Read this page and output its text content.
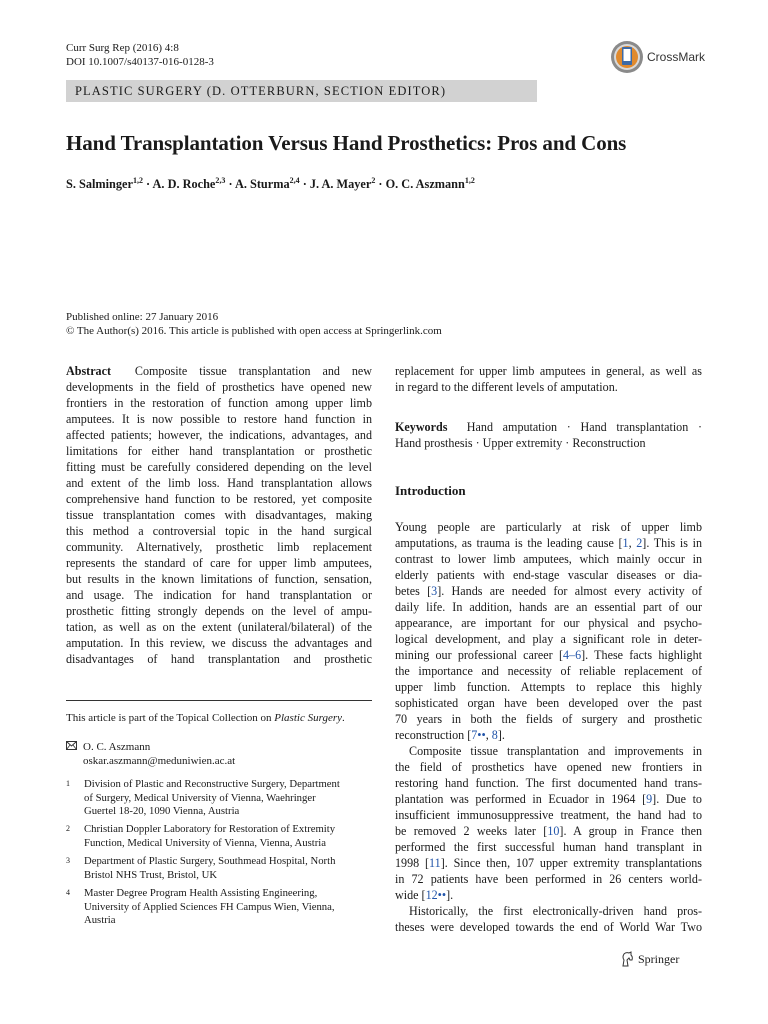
Curr Surg Rep (2016) 4:8
DOI 10.1007/s40137-016-0128-3	CrossMark
PLASTIC SURGERY (D. OTTERBURN, SECTION EDITOR)
Hand Transplantation Versus Hand Prosthetics: Pros and Cons
S. Salminger$^{1,2}$ · A. D. Roche$^{2,3}$ · A. Sturma$^{2,4}$ · J. A. Mayer$^2$ · O. C. Aszmann$^{1,2}$
Published online: 27 January 2016
© The Author(s) 2016. This article is published with open access at Springerlink.com
Abstract Composite tissue transplantation and new
developments in the field of prosthetics have opened new
frontiers in the restoration of function among upper limb
amputees. It is now possible to restore hand function in
affected patients; however, the indications, advantages, and
limitations for either hand transplantation or prosthetic
fitting must be carefully considered depending on the level
and extent of the limb loss. Hand transplantation allows
comprehensive hand function to be restored, yet composite
tissue transplantation comes with disadvantages, making
this method a controversial topic in the hand surgical
community. Alternatively, prosthetic limb replacement
represents the standard of care for upper limb amputees,
but results in the known limitations of function, sensation,
and usage. The indication for hand transplantation or
prosthetic fitting strongly depends on the level of ampu-
tation, as well as on the extent (unilateral/bilateral) of the
amputation. In this review, we discuss the advantages and
disadvantages of hand transplantation and prosthetic
replacement for upper limb amputees in general, as well as
in regard to the different levels of amputation.
Keywords Hand amputation · Hand transplantation ·
Hand prosthesis · Upper extremity · Reconstruction
Introduction
Young people are particularly at risk of upper limb
amputations, as trauma is the leading cause [1, 2]. This is in
contrast to lower limb amputees, which mainly occur in
elderly patients with end-stage vascular diseases or dia-
betes [3]. Hands are needed for almost every activity of
daily life. In addition, hands are an essential part of our
appearance, are important for our physical and psycho-
logical development, and play a significant role in deter-
mining our professional career [4–6]. These facts highlight
the importance and necessity of reliable replacement of
upper limb function. Attempts to replace this highly
sophisticated organ have been developed over the past
70 years in both the fields of surgery and prosthetic
reconstruction [7••, 8].
Composite tissue transplantation and improvements in
the field of prosthetics have opened new frontiers in
restoring hand function. The first documented hand trans-
plantation was performed in Ecuador in 1964 [9]. Due to
insufficient immunosuppressive treatment, the hand had to
be removed 2 weeks later [10]. A group in France then
performed the first successful human hand transplant in
1998 [11]. Since then, 107 upper extremity transplantations
in 72 patients have been performed in 26 centers world-
wide [12••].
Historically, the first electronically-driven hand pros-
theses were developed towards the end of World War Two
This article is part of the Topical Collection on Plastic Surgery.
O. C. Aszmann
oskar.aszmann@meduniwien.ac.at
1 Division of Plastic and Reconstructive Surgery, Department
of Surgery, Medical University of Vienna, Waehringer
Guertel 18-20, 1090 Vienna, Austria
2 Christian Doppler Laboratory for Restoration of Extremity
Function, Medical University of Vienna, Vienna, Austria
3 Department of Plastic Surgery, Southmead Hospital, North
Bristol NHS Trust, Bristol, UK
4 Master Degree Program Health Assisting Engineering,
University of Applied Sciences FH Campus Wien, Vienna,
Austria
Springer
